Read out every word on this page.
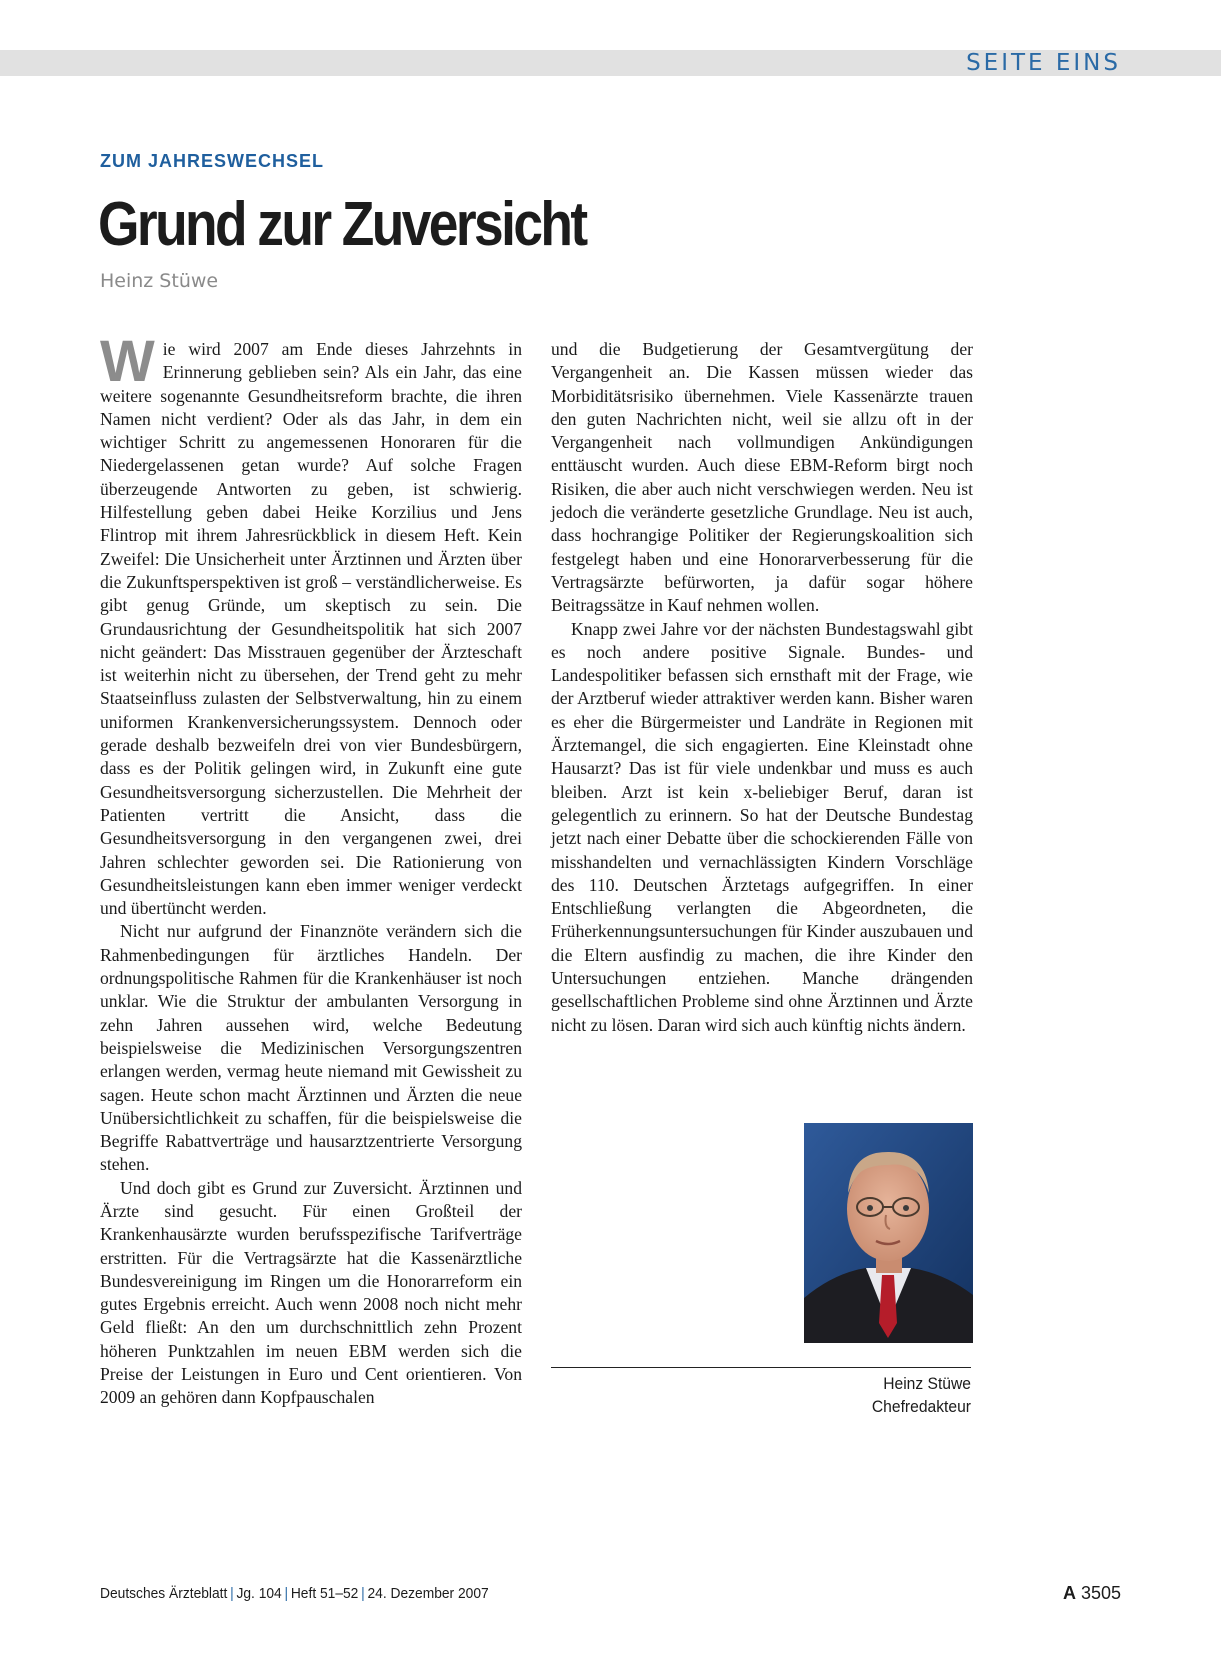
SEITE EINS
ZUM JAHRESWECHSEL
Grund zur Zuversicht
Heinz Stüwe

Wie wird 2007 am Ende dieses Jahrzehnts in Erinnerung geblieben sein? Als ein Jahr, das eine weitere sogenannte Gesundheitsreform brachte, die ihren Namen nicht verdient? Oder als das Jahr, in dem ein wichtiger Schritt zu angemessenen Honoraren für die Niedergelassenen getan wurde? Auf solche Fragen überzeugende Antworten zu geben, ist schwierig. Hilfestellung geben dabei Heike Korzilius und Jens Flintrop mit ihrem Jahresrückblick in diesem Heft. Kein Zweifel: Die Unsicherheit unter Ärztinnen und Ärzten über die Zukunftsperspektiven ist groß – verständlicherweise. Es gibt genug Gründe, um skeptisch zu sein. Die Grundausrichtung der Gesundheitspolitik hat sich 2007 nicht geändert: Das Misstrauen gegenüber der Ärzteschaft ist weiterhin nicht zu übersehen, der Trend geht zu mehr Staatseinfluss zulasten der Selbstverwaltung, hin zu einem uniformen Krankenversicherungssystem. Dennoch oder gerade deshalb bezweifeln drei von vier Bundesbürgern, dass es der Politik gelingen wird, in Zukunft eine gute Gesundheitsversorgung sicherzustellen. Die Mehrheit der Patienten vertritt die Ansicht, dass die Gesundheitsversorgung in den vergangenen zwei, drei Jahren schlechter geworden sei. Die Rationierung von Gesundheitsleistungen kann eben immer weniger verdeckt und übertüncht werden.

Nicht nur aufgrund der Finanznöte verändern sich die Rahmenbedingungen für ärztliches Handeln. Der ordnungspolitische Rahmen für die Krankenhäuser ist noch unklar. Wie die Struktur der ambulanten Versorgung in zehn Jahren aussehen wird, welche Bedeutung beispielsweise die Medizinischen Versorgungszentren erlangen werden, vermag heute niemand mit Gewissheit zu sagen. Heute schon macht Ärztinnen und Ärzten die neue Unübersichtlichkeit zu schaffen, für die beispielsweise die Begriffe Rabattverträge und hausarztzentrierte Versorgung stehen.

Und doch gibt es Grund zur Zuversicht. Ärztinnen und Ärzte sind gesucht. Für einen Großteil der Krankenhausärzte wurden berufsspezifische Tarifverträge erstritten. Für die Vertragsärzte hat die Kassenärztliche Bundesvereinigung im Ringen um die Honorarreform ein gutes Ergebnis erreicht. Auch wenn 2008 noch nicht mehr Geld fließt: An den um durchschnittlich zehn Prozent höheren Punktzahlen im neuen EBM werden sich die Preise der Leistungen in Euro und Cent orientieren. Von 2009 an gehören dann Kopfpauschalen

und die Budgetierung der Gesamtvergütung der Vergangenheit an. Die Kassen müssen wieder das Morbiditätsrisiko übernehmen. Viele Kassenärzte trauen den guten Nachrichten nicht, weil sie allzu oft in der Vergangenheit nach vollmundigen Ankündigungen enttäuscht wurden. Auch diese EBM-Reform birgt noch Risiken, die aber auch nicht verschwiegen werden. Neu ist jedoch die veränderte gesetzliche Grundlage. Neu ist auch, dass hochrangige Politiker der Regierungskoalition sich festgelegt haben und eine Honorarverbesserung für die Vertragsärzte befürworten, ja dafür sogar höhere Beitragssätze in Kauf nehmen wollen.

Knapp zwei Jahre vor der nächsten Bundestagswahl gibt es noch andere positive Signale. Bundes- und Landespolitiker befassen sich ernsthaft mit der Frage, wie der Arztberuf wieder attraktiver werden kann. Bisher waren es eher die Bürgermeister und Landräte in Regionen mit Ärztemangel, die sich engagierten. Eine Kleinstadt ohne Hausarzt? Das ist für viele undenkbar und muss es auch bleiben. Arzt ist kein x-beliebiger Beruf, daran ist gelegentlich zu erinnern. So hat der Deutsche Bundestag jetzt nach einer Debatte über die schockierenden Fälle von misshandelten und vernachlässigten Kindern Vorschläge des 110. Deutschen Ärztetags aufgegriffen. In einer Entschließung verlangten die Abgeordneten, die Früherkennungsuntersuchungen für Kinder auszubauen und die Eltern ausfindig zu machen, die ihre Kinder den Untersuchungen entziehen. Manche drängenden gesellschaftlichen Probleme sind ohne Ärztinnen und Ärzte nicht zu lösen. Daran wird sich auch künftig nichts ändern.

Heinz Stüwe
Chefredakteur
Deutsches Ärzteblatt | Jg. 104 | Heft 51–52 | 24. Dezember 2007	A 3505
